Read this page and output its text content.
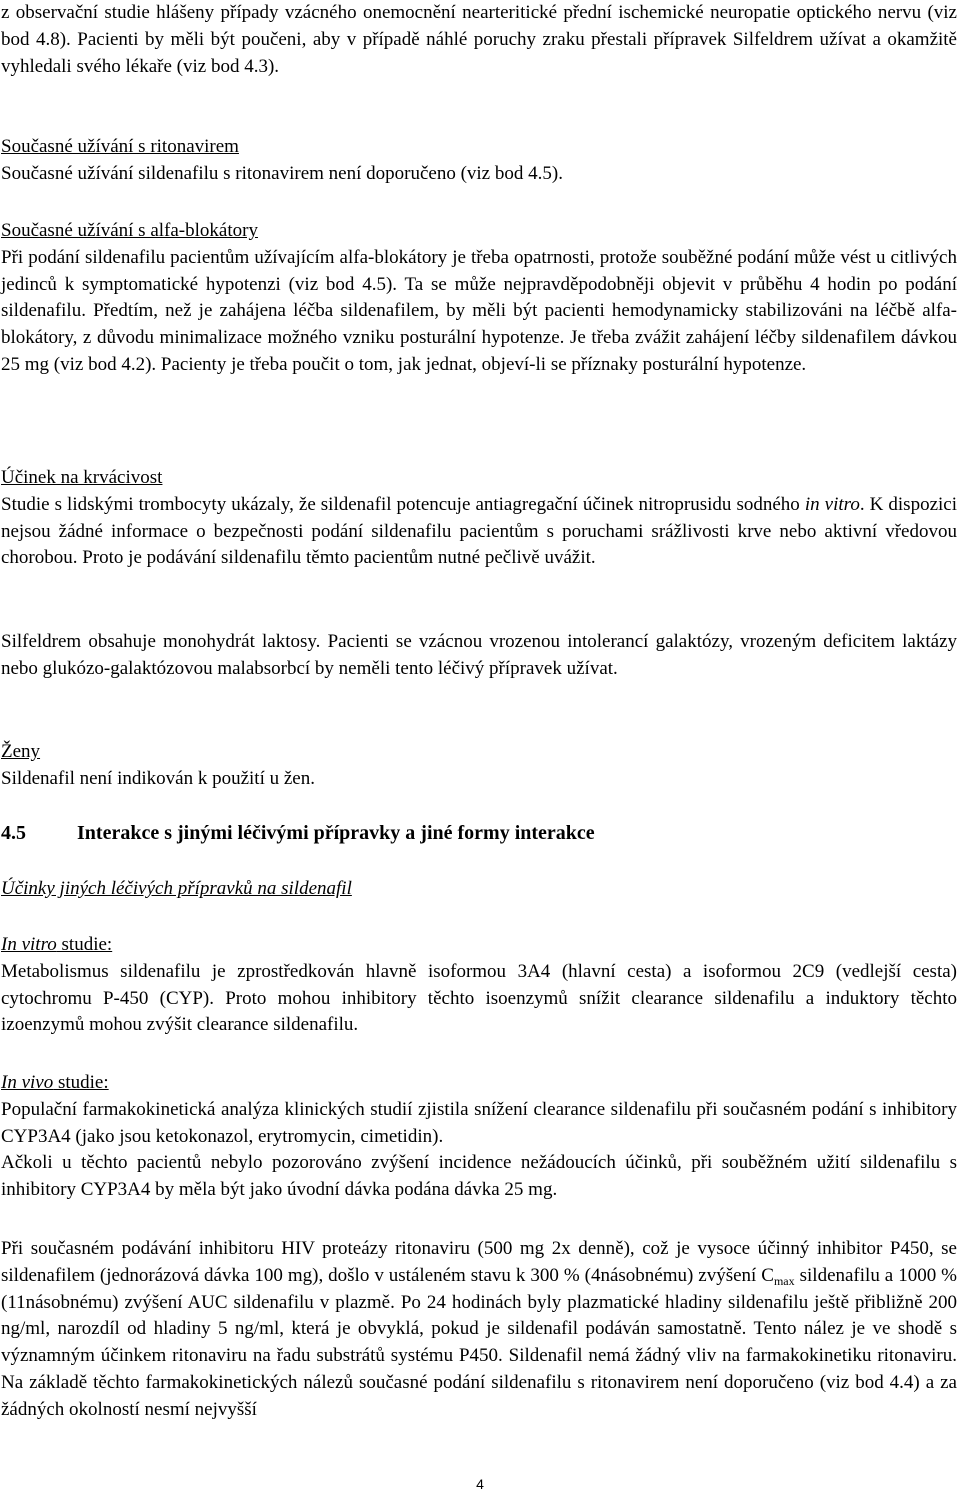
z observační studie hlášeny případy vzácného onemocnění nearteritické přední ischemické neuropatie optického nervu (viz bod 4.8). Pacienti by měli být poučeni, aby v případě náhlé poruchy zraku přestali přípravek Silfeldrem užívat a okamžitě vyhledali svého lékaře (viz bod 4.3).

Současné užívání s ritonavirem

Současné užívání sildenafilu s ritonavirem není doporučeno (viz bod 4.5).

Současné užívání s alfa-blokátory

Při podání sildenafilu pacientům užívajícím alfa-blokátory je třeba opatrnosti, protože souběžné podání může vést u citlivých jedinců k symptomatické hypotenzi (viz bod 4.5). Ta se může nejpravděpodobněji objevit v průběhu 4 hodin po podání sildenafilu. Předtím, než je zahájena léčba sildenafilem, by měli být pacienti hemodynamicky stabilizováni na léčbě alfa-blokátory, z důvodu minimalizace možného vzniku posturální hypotenze. Je třeba zvážit zahájení léčby sildenafilem dávkou 25 mg (viz bod 4.2). Pacienty je třeba poučit o tom, jak jednat, objeví-li se příznaky posturální hypotenze.

Účinek na krvácivost

Studie s lidskými trombocyty ukázaly, že sildenafil potencuje antiagregační účinek nitroprusidu sodného in vitro. K dispozici nejsou žádné informace o bezpečnosti podání sildenafilu pacientům s poruchami srážlivosti krve nebo aktivní vředovou chorobou. Proto je podávání sildenafilu těmto pacientům nutné pečlivě uvážit.

Silfeldrem obsahuje monohydrát laktosy. Pacienti se vzácnou vrozenou intolerancí galaktózy, vrozeným deficitem laktázy nebo glukózo-galaktózovou malabsorbcí by neměli tento léčivý přípravek užívat.

Ženy

Sildenafil není indikován k použití u žen.

4.5	Interakce s jinými léčivými přípravky a jiné formy interakce

Účinky jiných léčivých přípravků na sildenafil

In vitro studie:

Metabolismus sildenafilu je zprostředkován hlavně isoformou 3A4 (hlavní cesta) a isoformou 2C9 (vedlejší cesta) cytochromu P-450 (CYP). Proto mohou inhibitory těchto isoenzymů snížit clearance sildenafilu a induktory těchto izoenzymů mohou zvýšit clearance sildenafilu.

In vivo studie:

Populační farmakokinetická analýza klinických studií zjistila snížení clearance sildenafilu při současném podání s inhibitory CYP3A4 (jako jsou ketokonazol, erytromycin, cimetidin).

Ačkoli u těchto pacientů nebylo pozorováno zvýšení incidence nežádoucích účinků, při souběžném užití sildenafilu s inhibitory CYP3A4 by měla být jako úvodní dávka podána dávka 25 mg.

Při současném podávání inhibitoru HIV proteázy ritonaviru (500 mg 2x denně), což je vysoce účinný inhibitor P450, se sildenafilem (jednorázová dávka 100 mg), došlo v ustáleném stavu k 300 % (4násobnému) zvýšení $C_{max}$ sildenafilu a 1000 % (11násobnému) zvýšení AUC sildenafilu v plazmě. Po 24 hodinách byly plazmatické hladiny sildenafilu ještě přibližně 200 ng/ml, narozdíl od hladiny 5 ng/ml, která je obvyklá, pokud je sildenafil podáván samostatně. Tento nález je ve shodě s významným účinkem ritonaviru na řadu substrátů systému P450. Sildenafil nemá žádný vliv na farmakokinetiku ritonaviru. Na základě těchto farmakokinetických nálezů současné podání sildenafilu s ritonavirem není doporučeno (viz bod 4.4) a za žádných okolností nesmí nejvyšší

4
